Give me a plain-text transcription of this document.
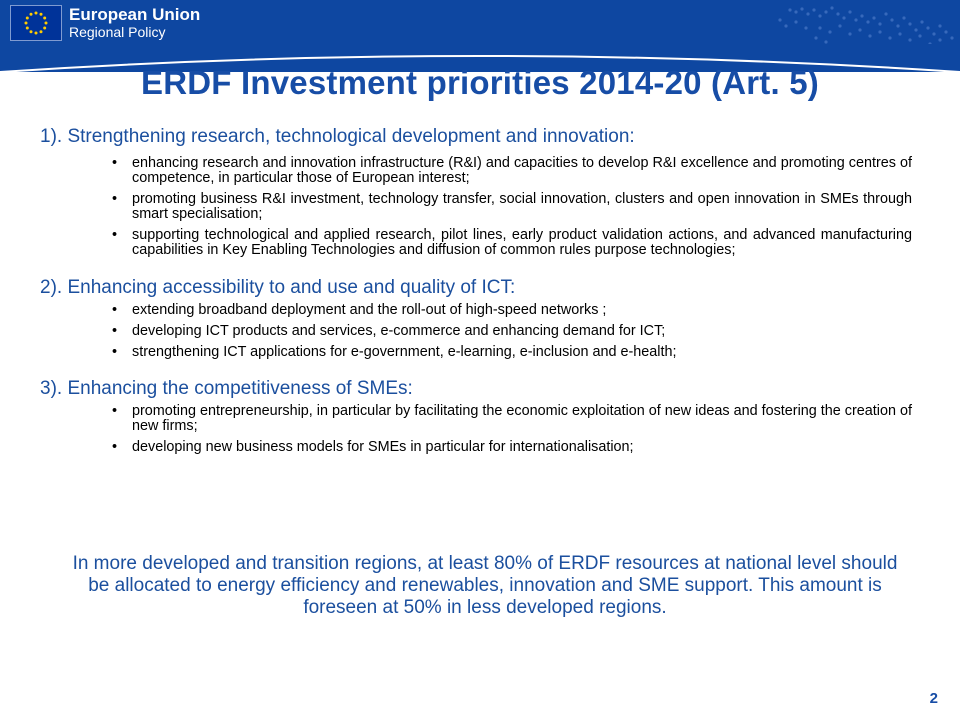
European Union
Regional Policy
ERDF Investment priorities 2014-20 (Art. 5)

1). Strengthening research, technological development and innovation:

• enhancing research and innovation infrastructure (R&I) and capacities to develop R&I excellence and promoting centres of competence, in particular those of European interest;
• promoting business R&I investment, technology transfer, social innovation, clusters and open innovation in SMEs through smart specialisation;
• supporting technological and applied research, pilot lines, early product validation actions, and advanced manufacturing capabilities in Key Enabling Technologies and diffusion of common rules purpose technologies;

2). Enhancing accessibility to and use and quality of ICT:

• extending broadband deployment and the roll-out of high-speed networks ;
• developing ICT products and services, e-commerce and enhancing demand for ICT;
• strengthening ICT applications for e-government, e-learning, e-inclusion and e-health;

3). Enhancing the competitiveness of SMEs:

• promoting entrepreneurship, in particular by facilitating the economic exploitation of new ideas and fostering the creation of new firms;
• developing new business models for SMEs in particular for internationalisation;
In more developed and transition regions, at least 80% of ERDF resources at national level should be allocated to energy efficiency and renewables, innovation and SME support. This amount is foreseen at 50% in less developed regions.
2
